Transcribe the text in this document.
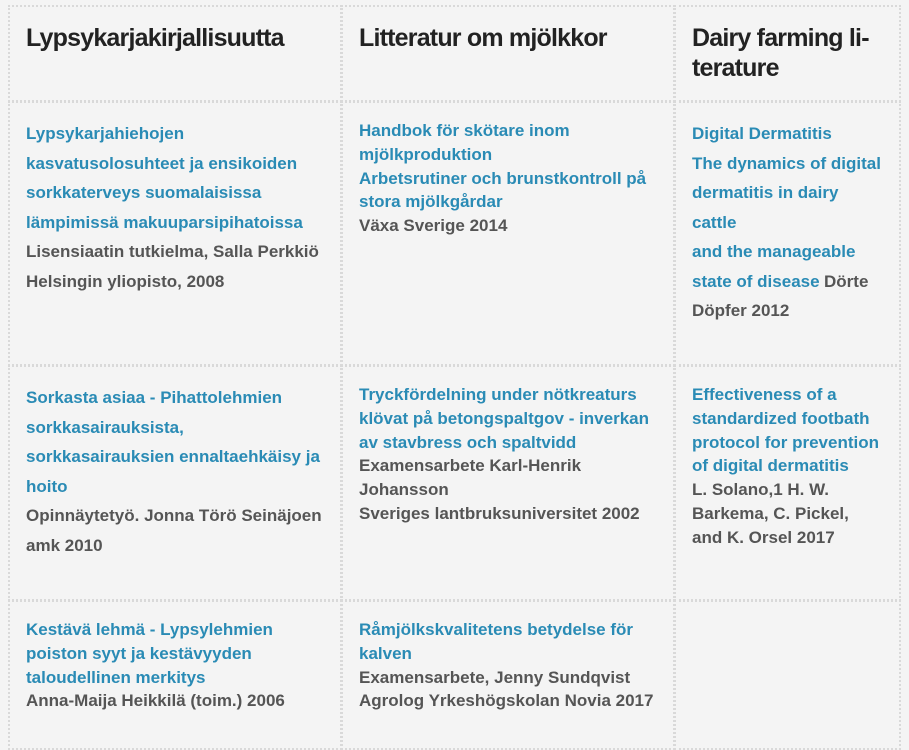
Lypsykarjakirjallisuutta	Litteratur om mjölkkor	Dairy farming li-terature
Lypsykarjahiehojen kasvatusolosuhteet ja ensikoiden sorkkaterveys suomalaisissa lämpimissä makuuparsipihatoissa
Lisensiaatin tutkielma, Salla Perkkiö Helsingin yliopisto, 2008
Handbok för skötare inom mjölkproduktion
Arbetsrutiner och brunstkontroll på stora mjölkgårdar
Växa Sverige 2014
Digital Dermatitis
The dynamics of digital dermatitis in dairy cattle
and the manageable state of disease Dörte Döpfer 2012
Sorkasta asiaa - Pihattolehmien sorkkasairauksista, sorkkasairauksien ennaltaehkäisy ja hoito
Opinnäytetyö. Jonna Törö Seinäjoen amk 2010
Tryckfördelning under nötkreaturs klövat på betongspaltgov - inverkan av stavbress och spaltvidd
Examensarbete Karl-Henrik Johansson
Sveriges lantbruksuniversitet 2002
Effectiveness of a standardized footbath protocol for prevention of digital dermatitis
L. Solano,1 H. W. Barkema, C. Pickel, and K. Orsel 2017
Kestävä lehmä - Lypsylehmien poiston syyt ja kestävyyden taloudellinen merkitys
Anna-Maija Heikkilä (toim.) 2006
Råmjölkskvalitetens betydelse för kalven
Examensarbete, Jenny Sundqvist
Agrolog Yrkeshögskolan Novia 2017
